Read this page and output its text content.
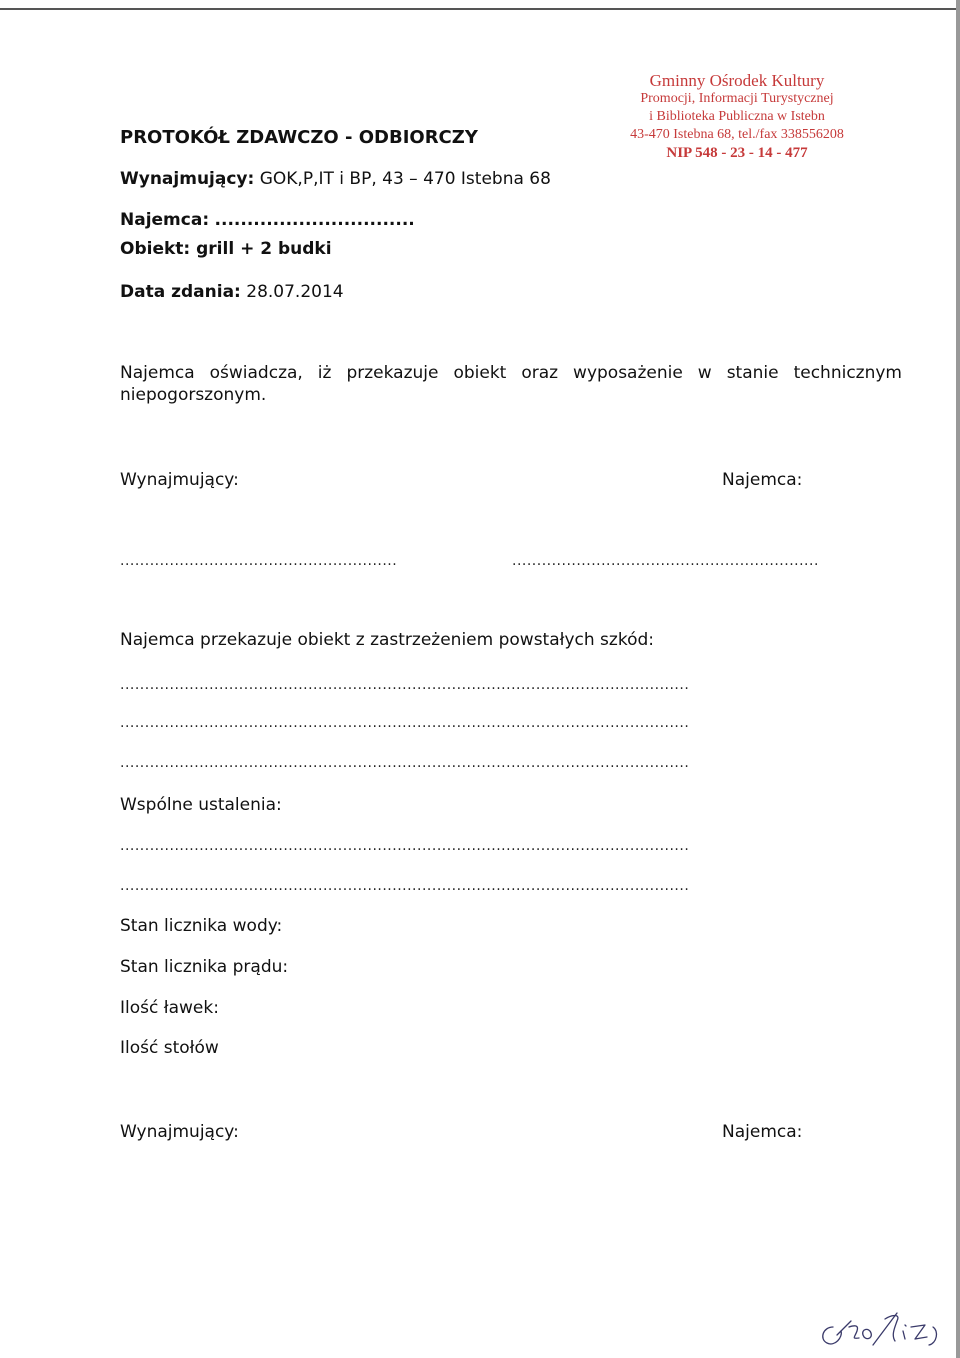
Gminny Ośrodek Kultury
Promocji, Informacji Turystycznej
i Biblioteka Publiczna w Istebn
43-470 Istebna 68, tel./fax 338556208
NIP 548 - 23 - 14 - 477
PROTOKÓŁ ZDAWCZO - ODBIORCZY
Wynajmujący: GOK,P,IT i BP, 43 – 470 Istebna 68
Najemca: ...............................
Obiekt: grill + 2 budki
Data zdania: 28.07.2014
Najemca oświadcza, iż przekazuje obiekt oraz wyposażenie w stanie technicznym niepogorszonym.
Wynajmujący:	Najemca:
........................................................	..............................................................
Najemca przekazuje obiekt z zastrzeżeniem powstałych szkód:
...................................................................................................................
...................................................................................................................
...................................................................................................................
Wspólne ustalenia:
...................................................................................................................
...................................................................................................................
Stan licznika wody:
Stan licznika prądu:
Ilość ławek:
Ilość stołów
Wynajmujący:	Najemca:
